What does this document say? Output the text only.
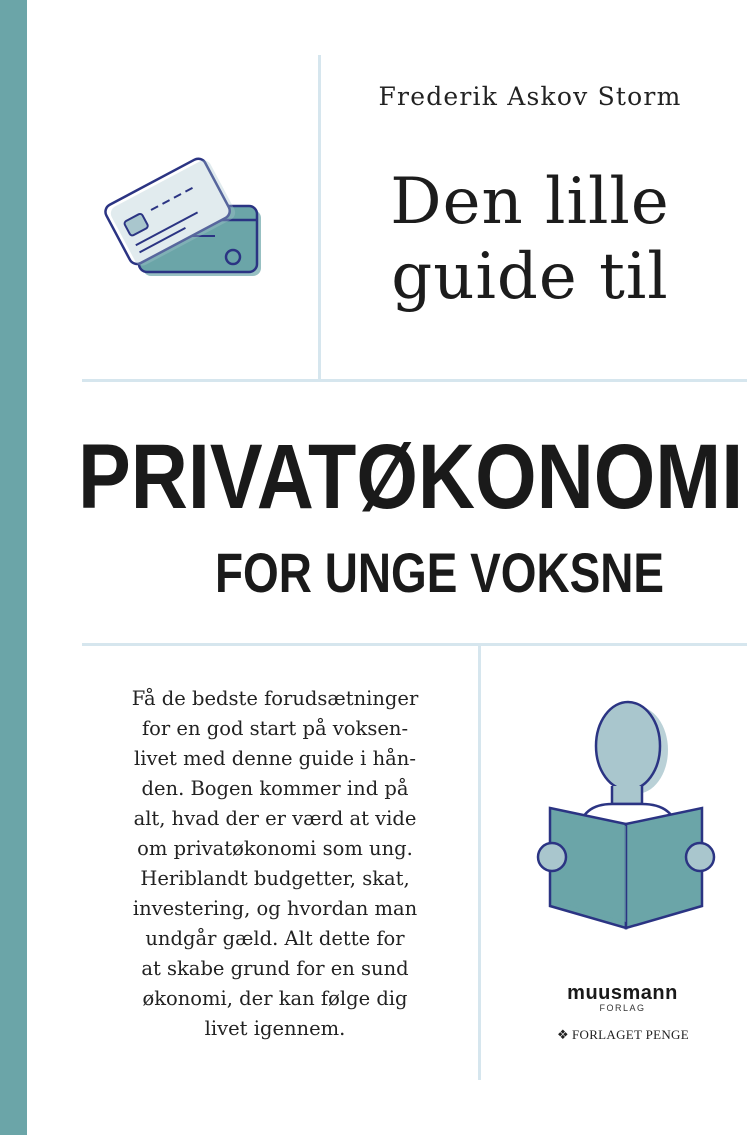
Frederik Askov Storm
Den lille
guide til
PRIVATØKONOMI
FOR UNGE VOKSNE
Få de bedste forudsætninger
for en god start på voksen-
livet med denne guide i hån-
den. Bogen kommer ind på
alt, hvad der er værd at vide
om privatøkonomi som ung.
Heriblandt budgetter, skat,
investering, og hvordan man
undgår gæld. Alt dette for
at skabe grund for en sund
økonomi, der kan følge dig
livet igennem.
muusmann
FORLAG
❖ FORLAGET PENGE
